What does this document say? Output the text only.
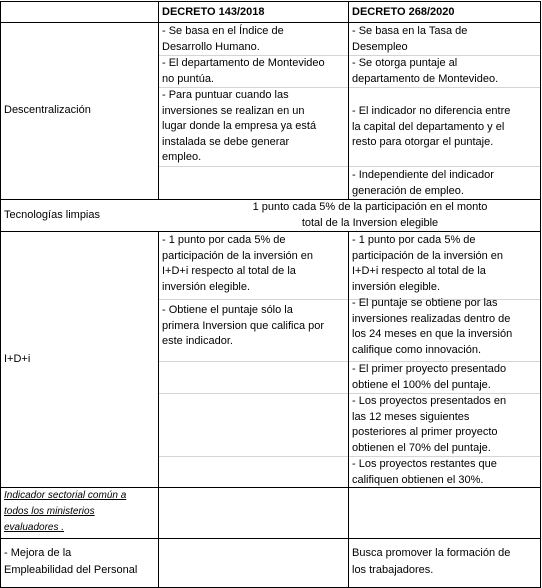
DECRETO 143/2018	DECRETO 268/2020
Descentralización
- Se basa en el Índice de
Desarrollo Humano.
- El departamento de Montevideo
no puntúa.
- Para puntuar cuando las
inversiones se realizan en un
lugar donde la empresa ya está
instalada se debe generar
empleo.
- Se basa en la Tasa de
Desempleo
- Se otorga puntaje al
departamento de Montevideo.
- El indicador no diferencia entre
la capital del departamento y el
resto para otorgar el puntaje.
- Independiente del indicador
generación de empleo.
Tecnologías limpias
1 punto cada 5% de la participación en el monto
total de la Inversion elegible
I+D+i
- 1 punto por cada 5% de
participación de la inversión en
I+D+i respecto al total de la
inversión elegible.
- Obtiene el puntaje sólo la
primera Inversion que califica por
este indicador.
- 1 punto por cada 5% de
participación de la inversión en
I+D+i respecto al total de la
inversión elegible.
- El puntaje se obtiene por las
inversiones realizadas dentro de
los 24 meses en que la inversión
califique como innovación.
- El primer proyecto presentado
obtiene el 100% del puntaje.
- Los proyectos presentados en
las 12 meses siguientes
posteriores al primer proyecto
obtienen el 70% del puntaje.
- Los proyectos restantes que
califiquen obtienen el 30%.
Indicador sectorial común a
todos los ministerios
evaluadores .
- Mejora de la
Empleabilidad del Personal
Busca promover la formación de
los trabajadores.
